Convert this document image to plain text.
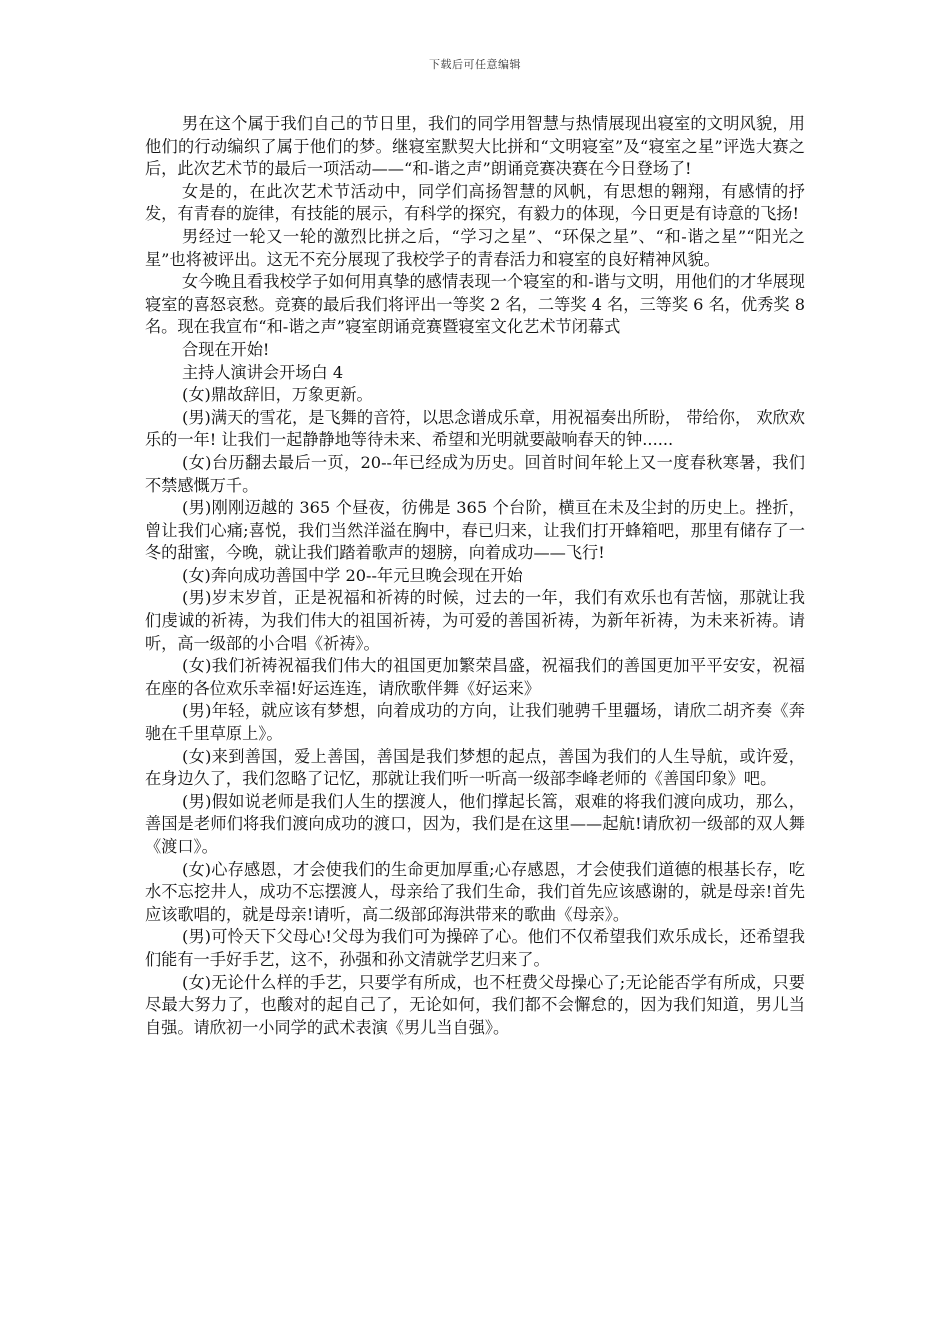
下载后可任意编辑

男在这个属于我们自己的节日里，我们的同学用智慧与热情展现出寝室的文明风貌，用他们的行动编织了属于他们的梦。继寝室默契大比拼和“文明寝室”及“寝室之星”评选大赛之后，此次艺术节的最后一项活动——“和-谐之声”朗诵竞赛决赛在今日登场了!

女是的，在此次艺术节活动中，同学们高扬智慧的风帆，有思想的翱翔，有感情的抒发，有青春的旋律，有技能的展示，有科学的探究，有毅力的体现，今日更是有诗意的飞扬!

男经过一轮又一轮的激烈比拼之后，“学习之星”、“环保之星”、“和-谐之星”“阳光之星”也将被评出。这无不充分展现了我校学子的青春活力和寝室的良好精神风貌。

女今晚且看我校学子如何用真挚的感情表现一个寝室的和-谐与文明，用他们的才华展现寝室的喜怒哀愁。竞赛的最后我们将评出一等奖 2 名，二等奖 4 名，三等奖 6 名，优秀奖 8 名。现在我宣布“和-谐之声”寝室朗诵竞赛暨寝室文化艺术节闭幕式

合现在开始!

主持人演讲会开场白 4

(女)鼎故辞旧，万象更新。

(男)满天的雪花，是飞舞的音符，以思念谱成乐章，用祝福奏出所盼， 带给你， 欢欣欢乐的一年! 让我们一起静静地等待未来、希望和光明就要敲响春天的钟......

(女)台历翻去最后一页，20--年已经成为历史。回首时间年轮上又一度春秋寒暑，我们不禁感慨万千。

(男)刚刚迈越的 365 个昼夜，彷佛是 365 个台阶，横亘在未及尘封的历史上。挫折，曾让我们心痛;喜悦，我们当然洋溢在胸中，春已归来，让我们打开蜂箱吧，那里有储存了一冬的甜蜜，今晚，就让我们踏着歌声的翅膀，向着成功——飞行!

(女)奔向成功善国中学 20--年元旦晚会现在开始

(男)岁末岁首，正是祝福和祈祷的时候，过去的一年，我们有欢乐也有苦恼，那就让我们虔诚的祈祷，为我们伟大的祖国祈祷，为可爱的善国祈祷，为新年祈祷，为未来祈祷。请听，高一级部的小合唱《祈祷》。

(女)我们祈祷祝福我们伟大的祖国更加繁荣昌盛，祝福我们的善国更加平平安安，祝福在座的各位欢乐幸福!好运连连，请欣歌伴舞《好运来》

(男)年轻，就应该有梦想，向着成功的方向，让我们驰骋千里疆场，请欣二胡齐奏《奔驰在千里草原上》。

(女)来到善国，爱上善国，善国是我们梦想的起点，善国为我们的人生导航，或许爱，在身边久了，我们忽略了记忆，那就让我们听一听高一级部李峰老师的《善国印象》吧。

(男)假如说老师是我们人生的摆渡人，他们撑起长篙，艰难的将我们渡向成功，那么，善国是老师们将我们渡向成功的渡口，因为，我们是在这里——起航!请欣初一级部的双人舞《渡口》。

(女)心存感恩，才会使我们的生命更加厚重;心存感恩，才会使我们道德的根基长存，吃水不忘挖井人，成功不忘摆渡人，母亲给了我们生命，我们首先应该感谢的，就是母亲!首先应该歌唱的，就是母亲!请听，高二级部邱海洪带来的歌曲《母亲》。

(男)可怜天下父母心!父母为我们可为操碎了心。他们不仅希望我们欢乐成长，还希望我们能有一手好手艺，这不，孙强和孙文清就学艺归来了。

(女)无论什么样的手艺，只要学有所成，也不枉费父母操心了;无论能否学有所成，只要尽最大努力了，也酸对的起自己了，无论如何，我们都不会懈怠的，因为我们知道，男儿当自强。请欣初一小同学的武术表演《男儿当自强》。
